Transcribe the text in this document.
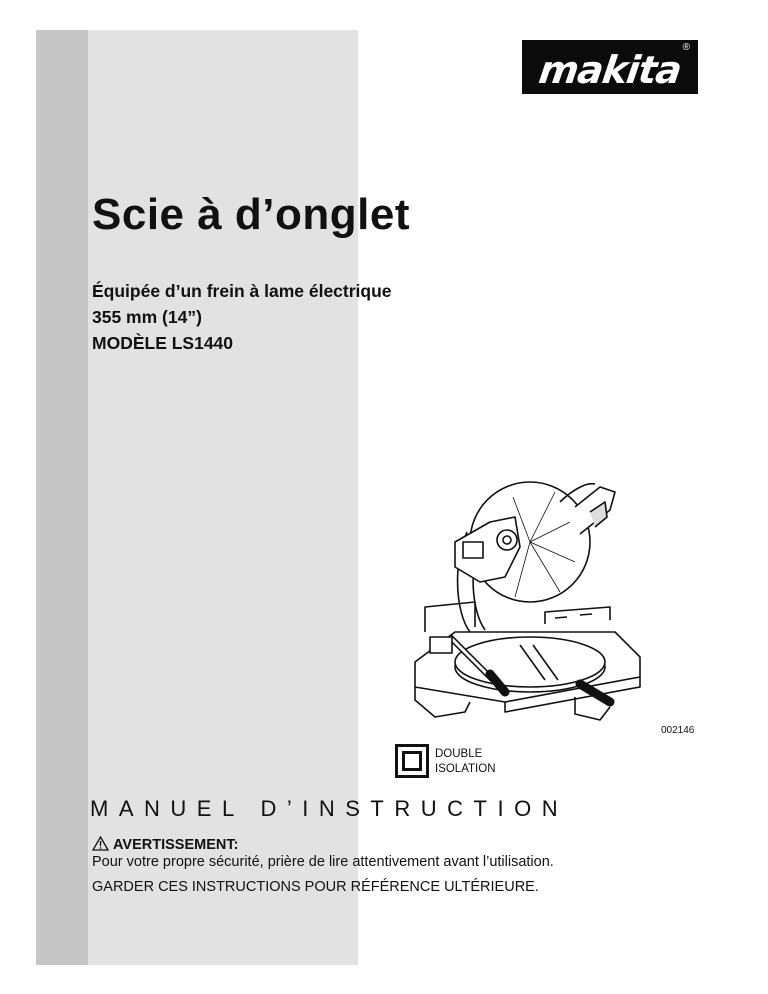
makita
®
Scie à d’onglet
Équipée d’un frein à lame électrique
355 mm (14”)
MODÈLE LS1440
002146
DOUBLE
ISOLATION
MANUEL D’INSTRUCTION
AVERTISSEMENT:
Pour votre propre sécurité, prière de lire attentivement avant l’utilisation.
GARDER CES INSTRUCTIONS POUR RÉFÉRENCE ULTÉRIEURE.
